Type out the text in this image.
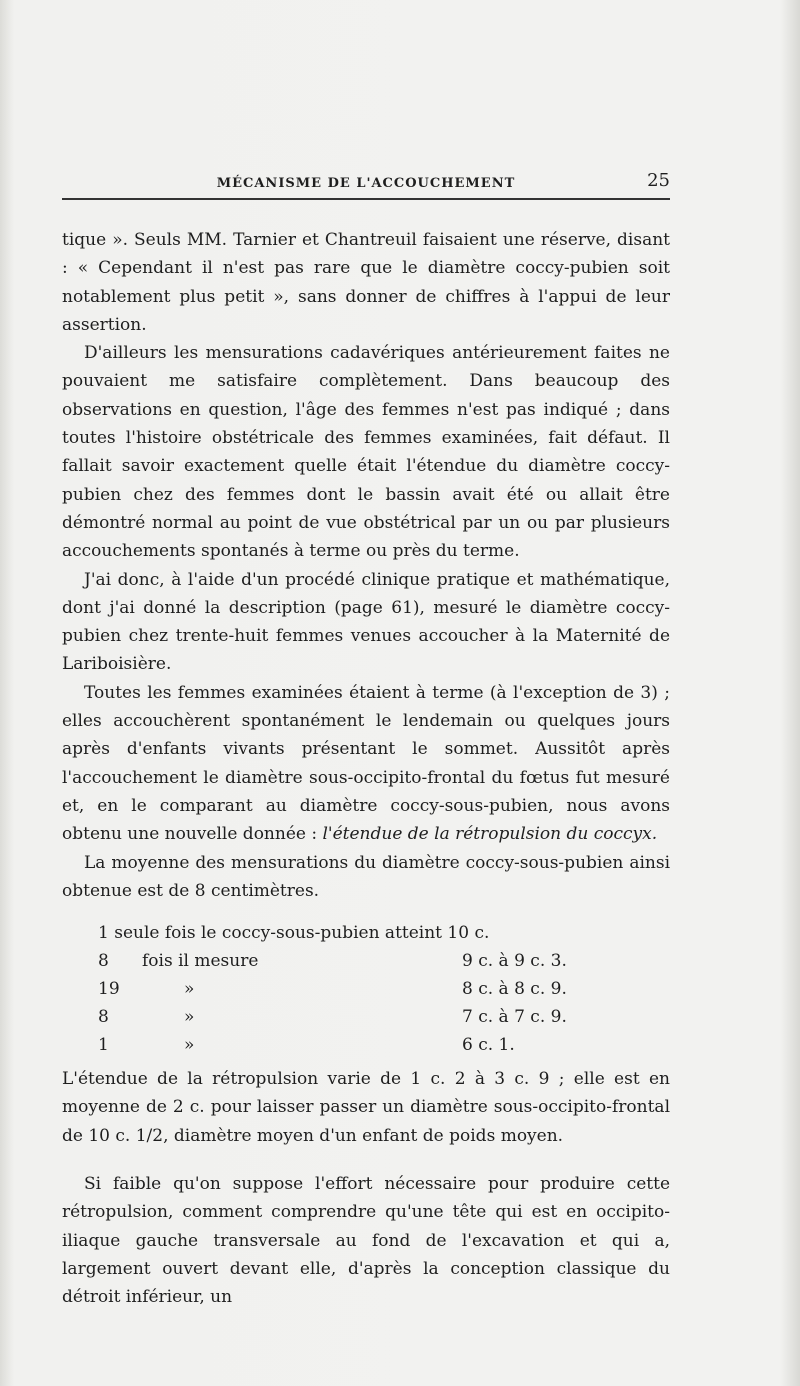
MÉCANISME DE L'ACCOUCHEMENT	25

tique ». Seuls MM. Tarnier et Chantreuil faisaient une réserve, disant : « Cependant il n'est pas rare que le diamètre coccy-pubien soit notablement plus petit », sans donner de chiffres à l'appui de leur assertion.

D'ailleurs les mensurations cadavériques antérieurement faites ne pouvaient me satisfaire complètement. Dans beaucoup des observations en question, l'âge des femmes n'est pas indiqué ; dans toutes l'histoire obstétricale des femmes examinées, fait défaut. Il fallait savoir exactement quelle était l'étendue du diamètre coccy-pubien chez des femmes dont le bassin avait été ou allait être démontré normal au point de vue obstétrical par un ou par plusieurs accouchements spontanés à terme ou près du terme.

J'ai donc, à l'aide d'un procédé clinique pratique et mathématique, dont j'ai donné la description (page 61), mesuré le diamètre coccy-pubien chez trente-huit femmes venues accoucher à la Maternité de Lariboisière.

Toutes les femmes examinées étaient à terme (à l'exception de 3) ; elles accouchèrent spontanément le lendemain ou quelques jours après d'enfants vivants présentant le sommet. Aussitôt après l'accouchement le diamètre sous-occipito-frontal du fœtus fut mesuré et, en le comparant au diamètre coccy-sous-pubien, nous avons obtenu une nouvelle donnée : l'étendue de la rétropulsion du coccyx.

La moyenne des mensurations du diamètre coccy-sous-pubien ainsi obtenue est de 8 centimètres.

1 seule fois le coccy-sous-pubien atteint 10 c.
8	fois il mesure	9 c. à 9 c. 3.
19	»	8 c. à 8 c. 9.
8	»	7 c. à 7 c. 9.
1	»	6 c. 1.

L'étendue de la rétropulsion varie de 1 c. 2 à 3 c. 9 ; elle est en moyenne de 2 c. pour laisser passer un diamètre sous-occipito-frontal de 10 c. 1/2, diamètre moyen d'un enfant de poids moyen.

Si faible qu'on suppose l'effort nécessaire pour produire cette rétropulsion, comment comprendre qu'une tête qui est en occipito-iliaque gauche transversale au fond de l'excavation et qui a, largement ouvert devant elle, d'après la conception classique du détroit inférieur, un
